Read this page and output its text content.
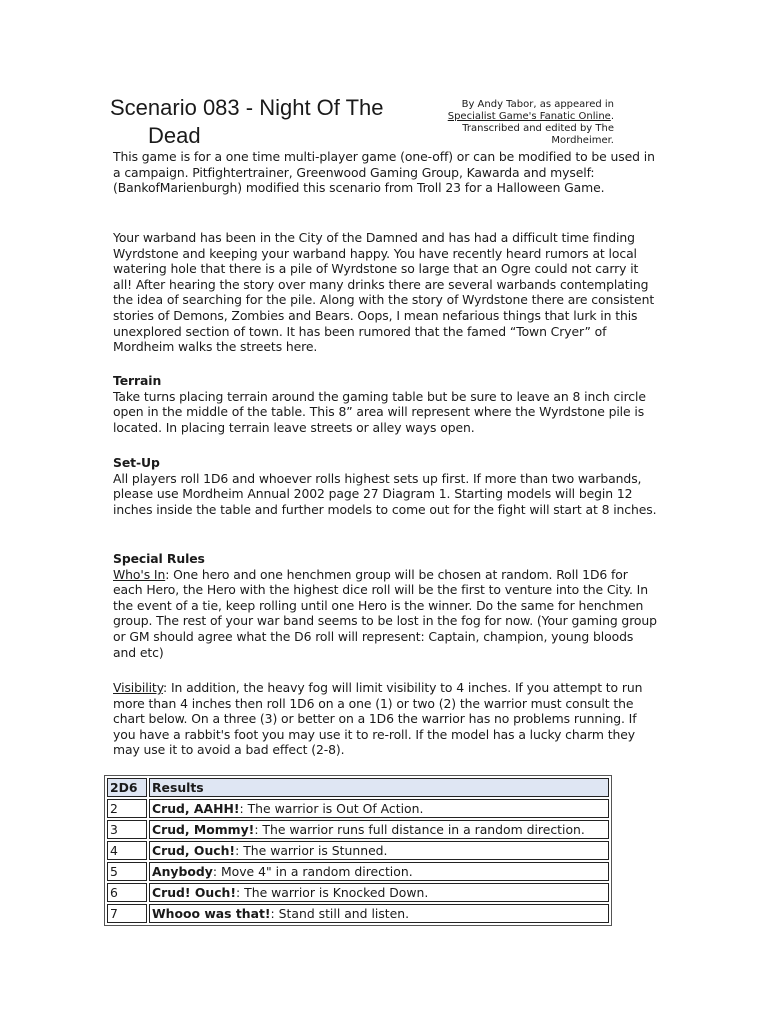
Scenario 083 - Night Of The
Dead
By Andy Tabor, as appeared in
Specialist Game's Fanatic Online.
Transcribed and edited by The
Mordheimer.

This game is for a one time multi-player game (one-off) or can be modified to be used in a campaign. Pitfightertrainer, Greenwood Gaming Group, Kawarda and myself: (BankofMarienburgh) modified this scenario from Troll 23 for a Halloween Game.

Your warband has been in the City of the Damned and has had a difficult time finding Wyrdstone and keeping your warband happy. You have recently heard rumors at local watering hole that there is a pile of Wyrdstone so large that an Ogre could not carry it all! After hearing the story over many drinks there are several warbands contemplating the idea of searching for the pile. Along with the story of Wyrdstone there are consistent stories of Demons, Zombies and Bears. Oops, I mean nefarious things that lurk in this unexplored section of town. It has been rumored that the famed “Town Cryer” of Mordheim walks the streets here.

Terrain

Take turns placing terrain around the gaming table but be sure to leave an 8 inch circle open in the middle of the table. This 8” area will represent where the Wyrdstone pile is located. In placing terrain leave streets or alley ways open.

Set-Up

All players roll 1D6 and whoever rolls highest sets up first. If more than two warbands, please use Mordheim Annual 2002 page 27 Diagram 1. Starting models will begin 12 inches inside the table and further models to come out for the fight will start at 8 inches.

Special Rules

Who's In: One hero and one henchmen group will be chosen at random. Roll 1D6 for each Hero, the Hero with the highest dice roll will be the first to venture into the City. In the event of a tie, keep rolling until one Hero is the winner. Do the same for henchmen group. The rest of your war band seems to be lost in the fog for now. (Your gaming group or GM should agree what the D6 roll will represent: Captain, champion, young bloods and etc)

Visibility: In addition, the heavy fog will limit visibility to 4 inches. If you attempt to run more than 4 inches then roll 1D6 on a one (1) or two (2) the warrior must consult the chart below. On a three (3) or better on a 1D6 the warrior has no problems running. If you have a rabbit's foot you may use it to re-roll. If the model has a lucky charm they may use it to avoid a bad effect (2-8).

2D6	Results
2	Crud, AAHH!: The warrior is Out Of Action.
3	Crud, Mommy!: The warrior runs full distance in a random direction.
4	Crud, Ouch!: The warrior is Stunned.
5	Anybody: Move 4" in a random direction.
6	Crud! Ouch!: The warrior is Knocked Down.
7	Whooo was that!: Stand still and listen.
